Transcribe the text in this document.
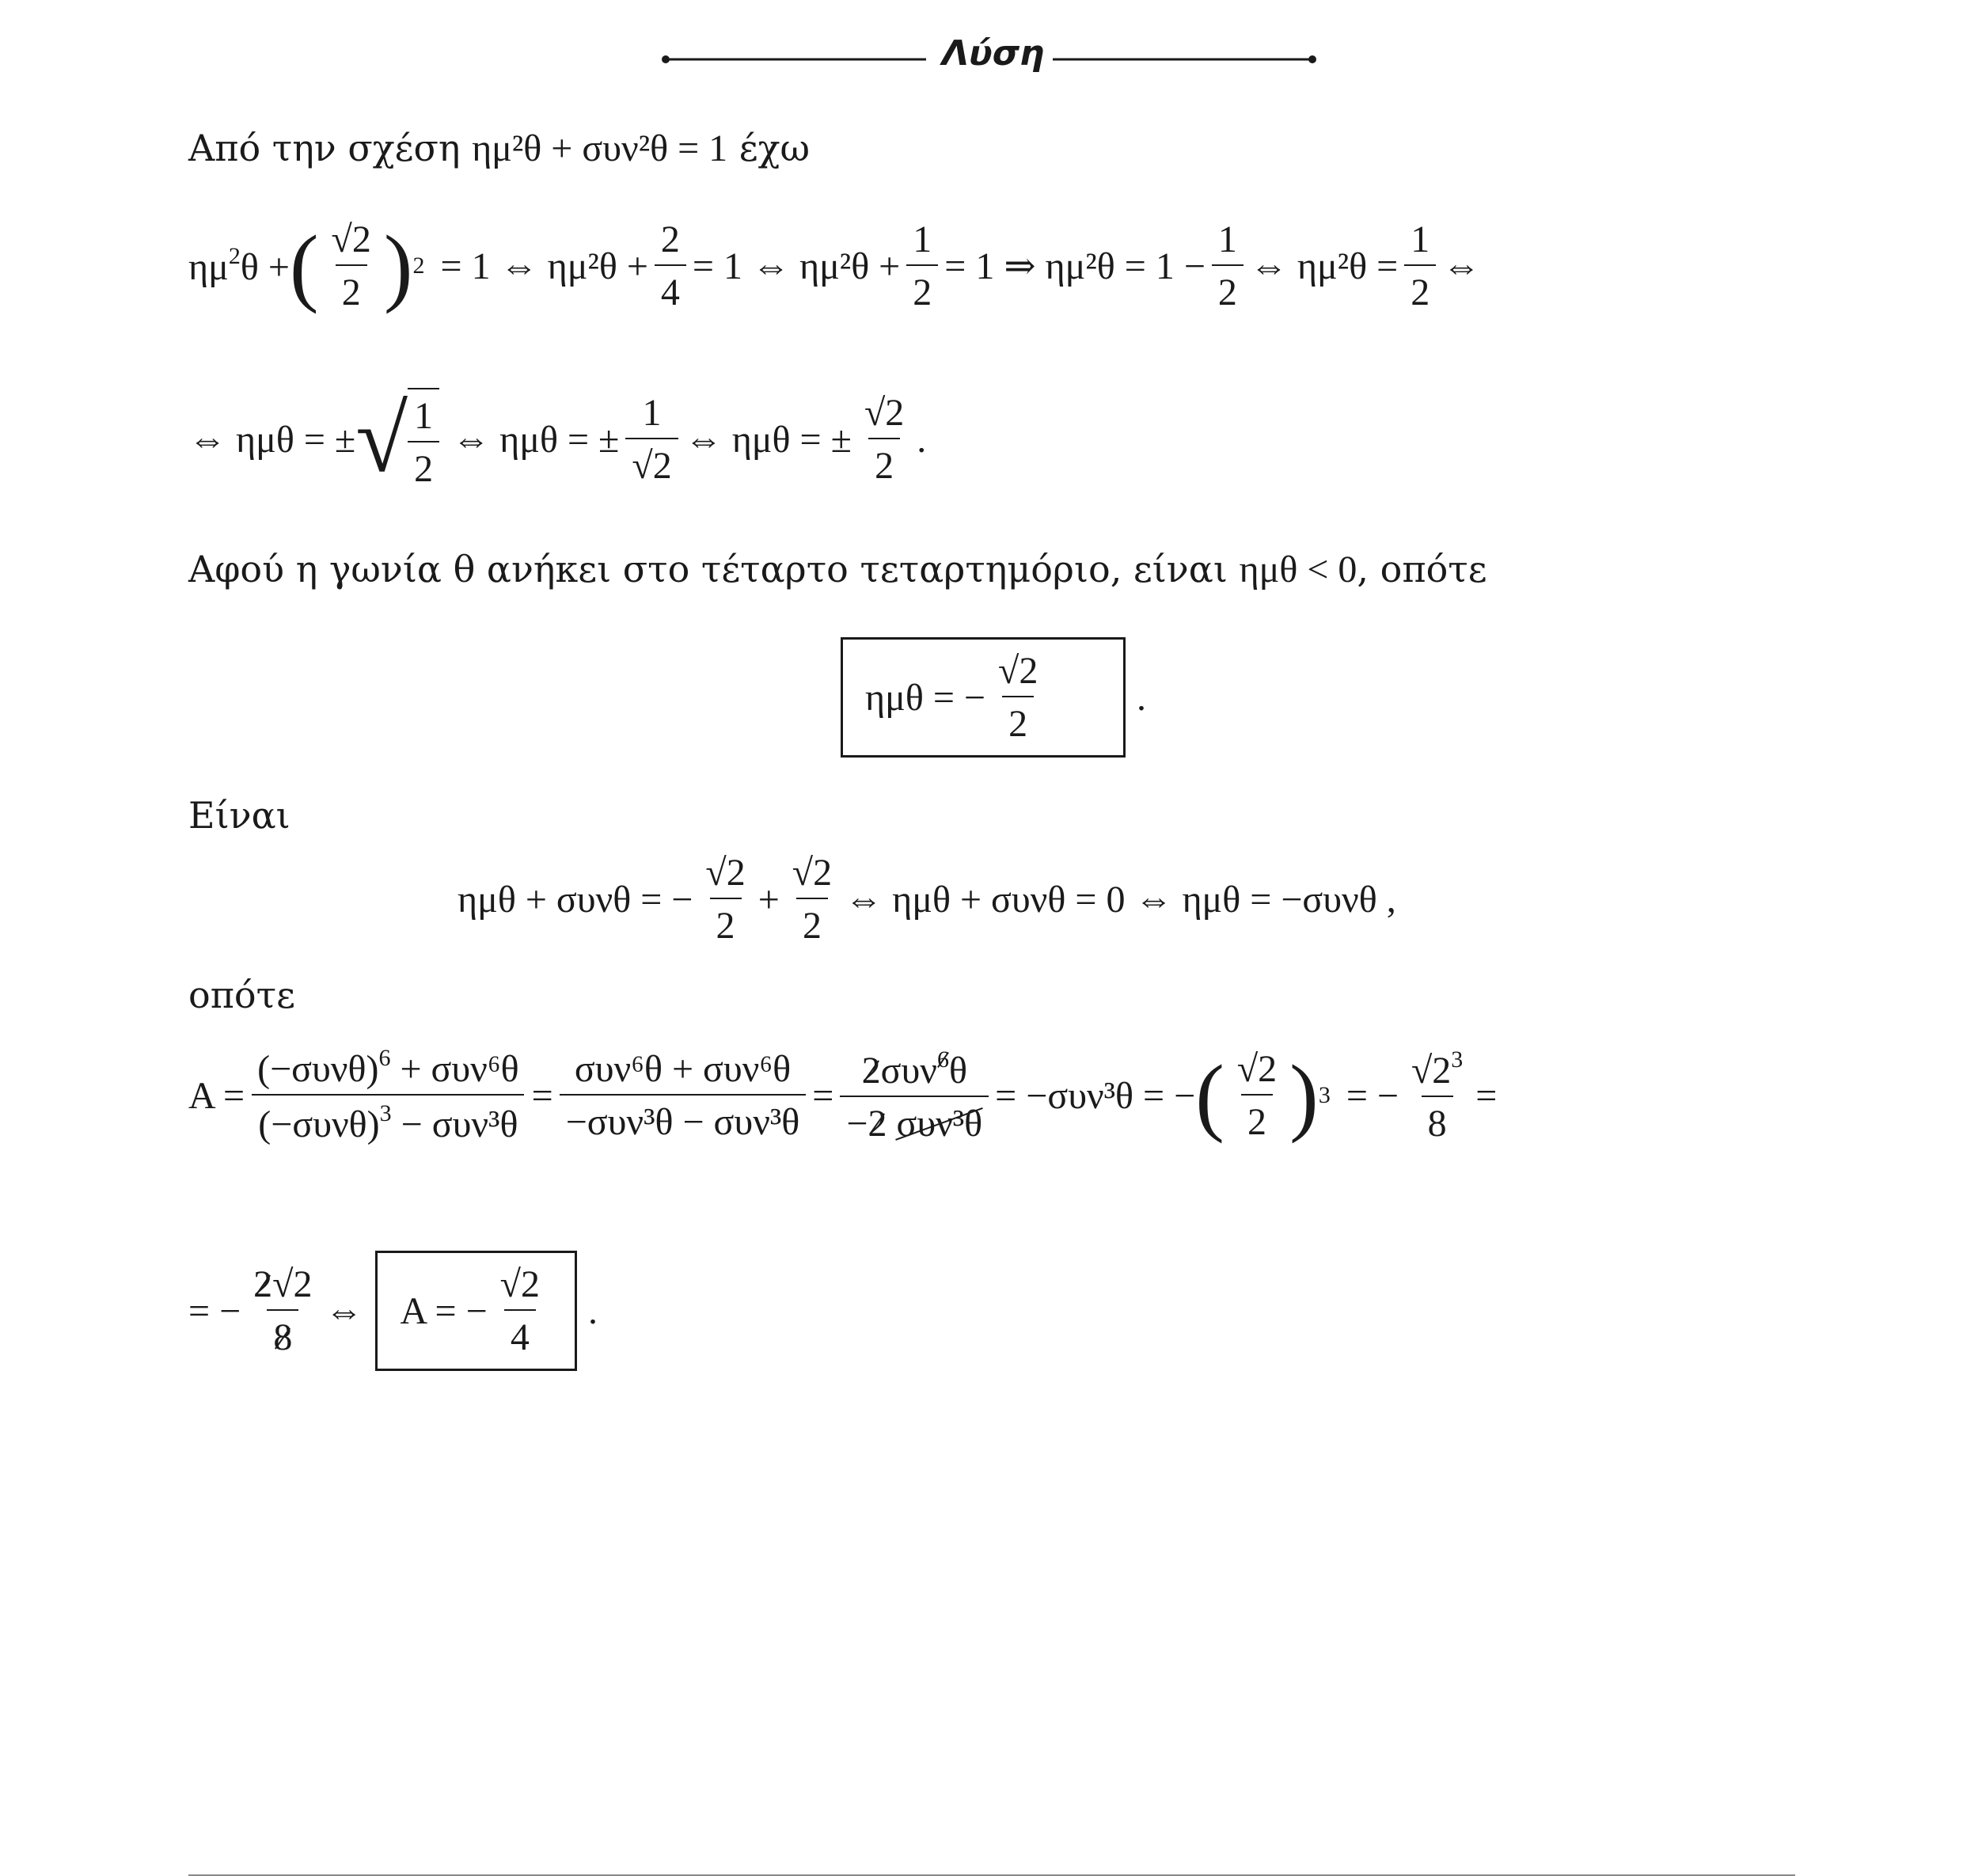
Λύση
Από την σχέση ημ²θ + συν²θ = 1 έχω
$\eta\mu^2\theta$ + ( $\frac{√2}{2}$ ) 2 = 1 ⇔ $\eta\mu^2\theta + \frac{2}{4} = 1$ ⇔ $\eta\mu^2\theta + \frac{1}{2} = 1$ ⇒ $\eta\mu^2\theta = 1 - \frac{1}{2}$ ⇔ $\eta\mu^2\theta = \frac{1}{2}$ ⇔
⇔ ημθ = ± √ $\frac{1}{2}$ ⇔ ημθ = ± $\frac{1}{√2}$ ⇔ ημθ = ± $\frac{√2}{2}$ .
Αφού η γωνία θ ανήκει στο τέταρτο τεταρτημόριο, είναι ημθ < 0, οπότε
ημθ = − $\frac{√2}{2}$ .
Είναι
ημθ + συνθ = − $\frac{√2}{2} + \frac{√2}{2}$ ⇔ ημθ + συνθ = 0 ⇔ ημθ = −συνθ ,
οπότε
$A = \frac{(-\sigma\upsilon\nu\theta)^6 + \sigma\upsilon\nu^6\theta}{(-\sigma\upsilon\nu\theta)^3 - \sigma\upsilon\nu^3\theta} = \frac{\text{συν⁶θ + συν⁶θ}}{\text{−συν³θ − συν³θ}} = \frac{2\sigma\upsilon\nu^6\theta}{\text{−2 συν³θ}} = -\sigma\upsilon\nu^3\theta$ = − ( $\frac{√2}{2}$ ) 3 = − $\frac{√2^3}{8}$ =
= − $\frac{2√2}{8}$ ⇔ Α = − $\frac{√2}{4}$ .
